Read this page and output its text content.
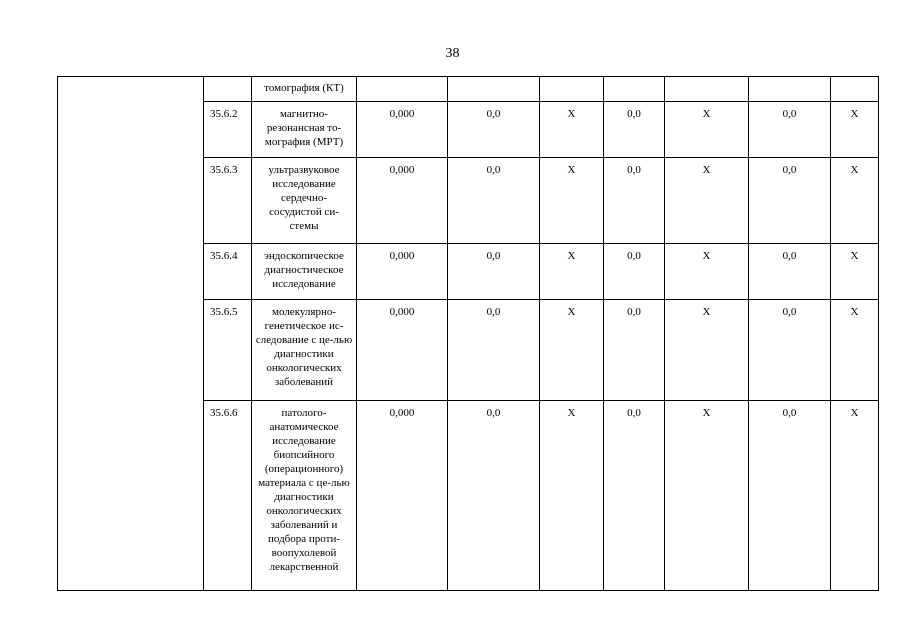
38
		томография (КТ)							
	35.6.2	магнитно-резонансная то-мография (МРТ)	0,000	0,0	X	0,0	X	0,0	X
	35.6.3	ультразвуковое исследование сердечно-сосудистой си-стемы	0,000	0,0	X	0,0	X	0,0	X
	35.6.4	эндоскопическое диагностическое исследование	0,000	0,0	X	0,0	X	0,0	X
	35.6.5	молекулярно-генетическое ис-следование с це-лью диагностики онкологических заболеваний	0,000	0,0	X	0,0	X	0,0	X
	35.6.6	патолого-анатомическое исследование биопсийного (операционного) материала с це-лью диагностики онкологических заболеваний и подбора проти-воопухолевой лекарственной	0,000	0,0	X	0,0	X	0,0	X
